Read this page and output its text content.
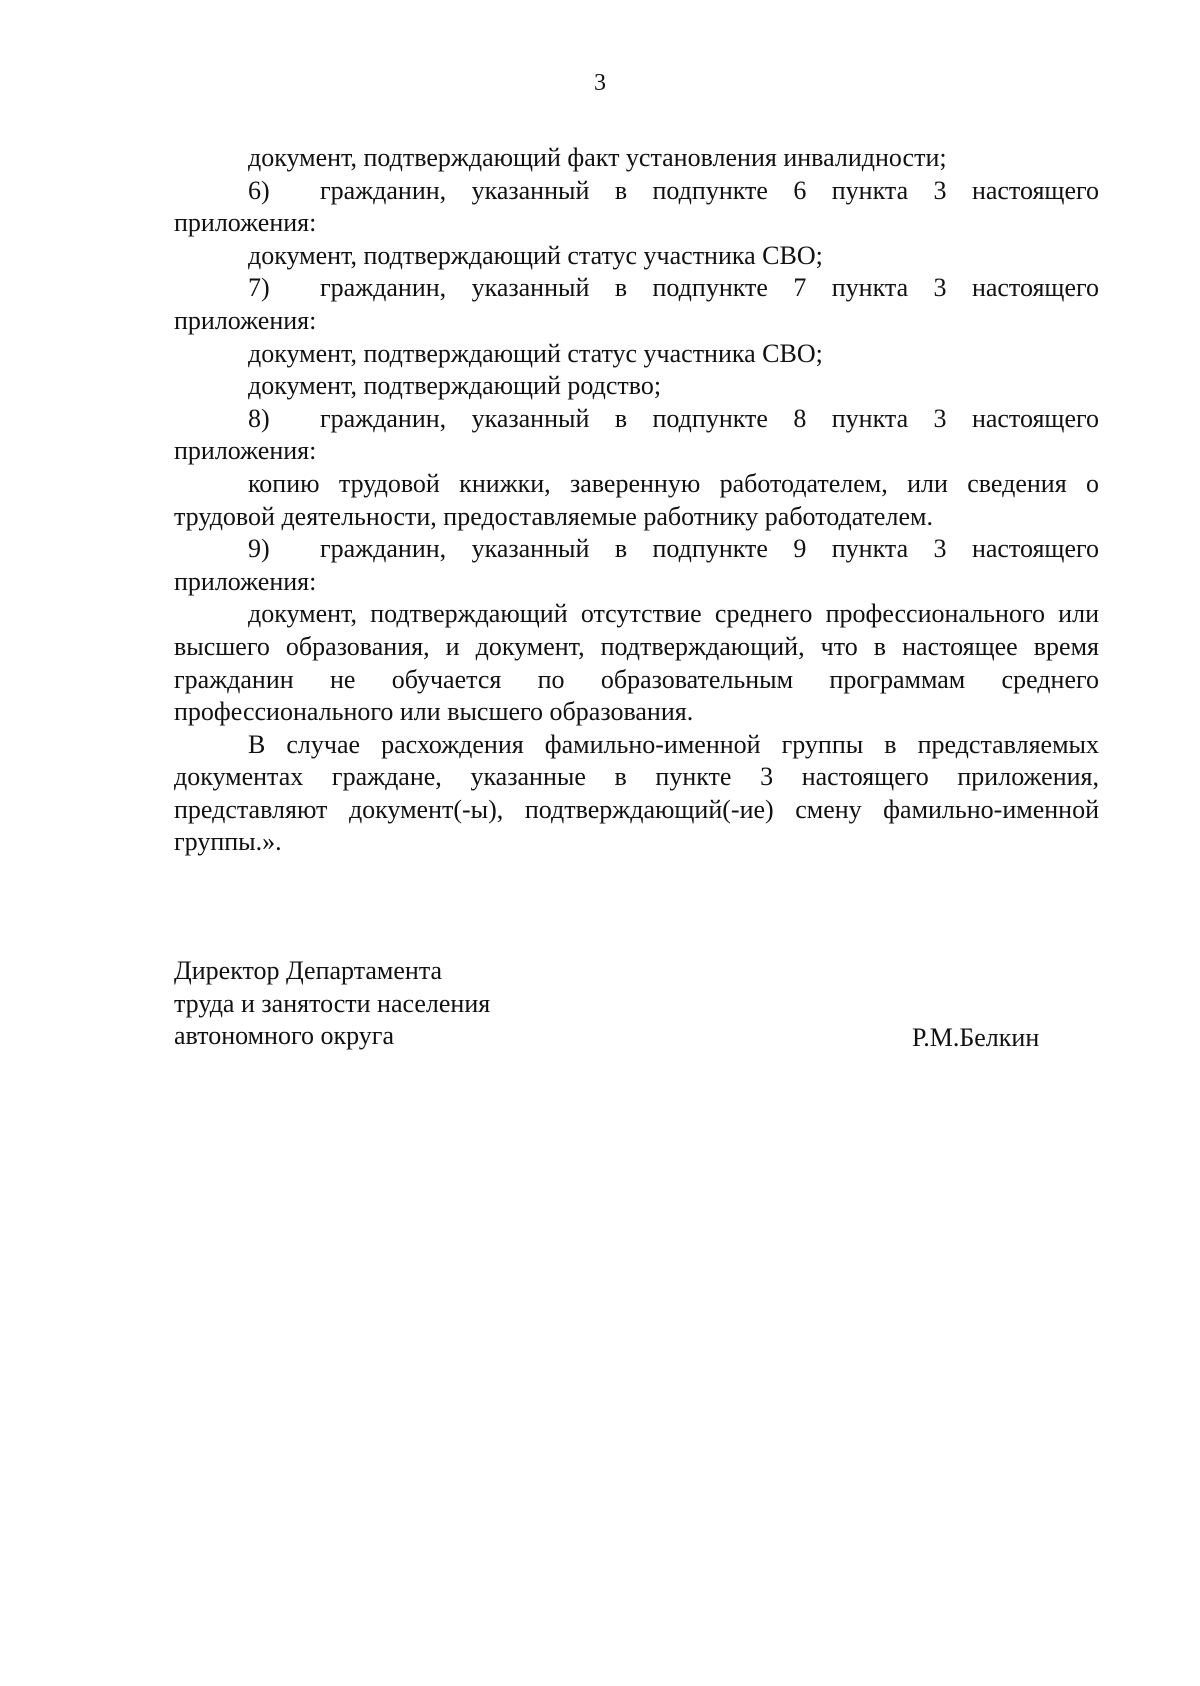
3

документ, подтверждающий факт установления инвалидности;

6) гражданин, указанный в подпункте 6 пункта 3 настоящего приложения:

документ, подтверждающий статус участника СВО;

7) гражданин, указанный в подпункте 7 пункта 3 настоящего приложения:

документ, подтверждающий статус участника СВО;

документ, подтверждающий родство;

8) гражданин, указанный в подпункте 8 пункта 3 настоящего приложения:

копию трудовой книжки, заверенную работодателем, или сведения о трудовой деятельности, предоставляемые работнику работодателем.

9) гражданин, указанный в подпункте 9 пункта 3 настоящего приложения:

документ, подтверждающий отсутствие среднего профессионального или высшего образования, и документ, подтверждающий, что в настоящее время гражданин не обучается по образовательным программам среднего профессионального или высшего образования.

В случае расхождения фамильно-именной группы в представляемых документах граждане, указанные в пункте 3 настоящего приложения, представляют документ(-ы), подтверждающий(-ие) смену фамильно-именной группы.».

Директор Департамента
труда и занятости населения
автономного округа	Р.М.Белкин
